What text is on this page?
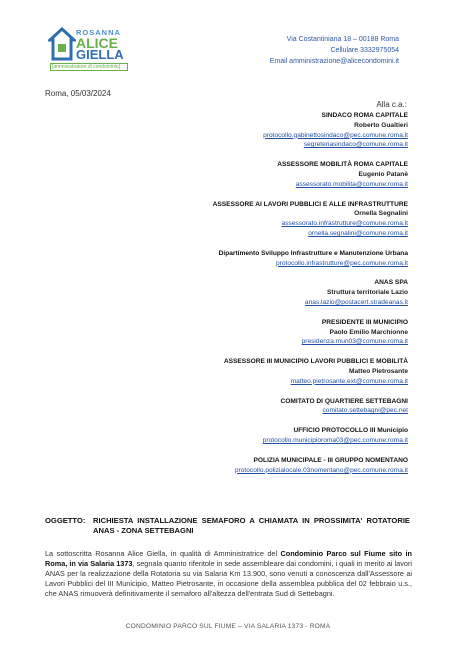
ROSANNA
ALICE
GIELLA
[amministratore di condominio]
Via Costantiniana 18 – 00188 Roma
Cellulare 3332975054
Email amministrazione@alicecondomini.it
Roma, 05/03/2024
Alla c.a.:
SINDACO ROMA CAPITALE
Roberto Gualtieri
protocollo.gabinettosindaco@pec.comune.roma.it
segreteriasindaco@comune.roma.it
ASSESSORE MOBILITÀ ROMA CAPITALE
Eugenio Patanè
assessorato.mobilita@comune.roma.it
ASSESSORE AI LAVORI PUBBLICI E ALLE INFRASTRUTTURE
Ornella Segnalini
assessorato.infrastrutture@comune.roma.it
ornella.segnalini@comune.roma.it
Dipartimento Sviluppo Infrastrutture e Manutenzione Urbana
protocollo.infrastrutture@pec.comune.roma.it
ANAS SPA
Struttura territoriale Lazio
anas.lazio@postacert.stradeanas.it
PRESIDENTE III MUNICIPIO
Paolo Emilio Marchionne
presidenza.mun03@comune.roma.it
ASSESSORE III MUNICIPIO LAVORI PUBBLICI E MOBILITÀ
Matteo Pietrosante
matteo.pietrosante.ext@comune.roma.it
COMITATO DI QUARTIERE SETTEBAGNI
comitato.settebagni@pec.net
UFFICIO PROTOCOLLO III Municipio
protocollo.municipioroma03@pec.comune.roma.it
POLIZIA MUNICIPALE - III GRUPPO NOMENTANO
protocollo.polizialocale.03nomentano@pec.comune.roma.it
OGGETTO: RICHIESTA INSTALLAZIONE SEMAFORO A CHIAMATA IN PROSSIMITA' ROTATORIE ANAS - ZONA SETTEBAGNI
La sottoscritta Rosanna Alice Giella, in qualità di Amministratrice del Condominio Parco sul Fiume sito in Roma, in via Salaria 1373, segnala quanto riferitole in sede assembleare dai condomini, i quali in merito ai lavori ANAS per la realizzazione della Rotatoria su via Salaria Km 13.900, sono venuti a conoscenza dall'Assessore ai Lavori Pubblici del III Municipio, Matteo Pietrosante, in occasione della assemblea pubblica del 02 febbraio u.s., che ANAS rimuoverà definitivamente il semaforo all'altezza dell'entrata Sud di Settebagni.
CONDOMINIO PARCO SUL FIUME – VIA SALARIA 1373 - ROMA
